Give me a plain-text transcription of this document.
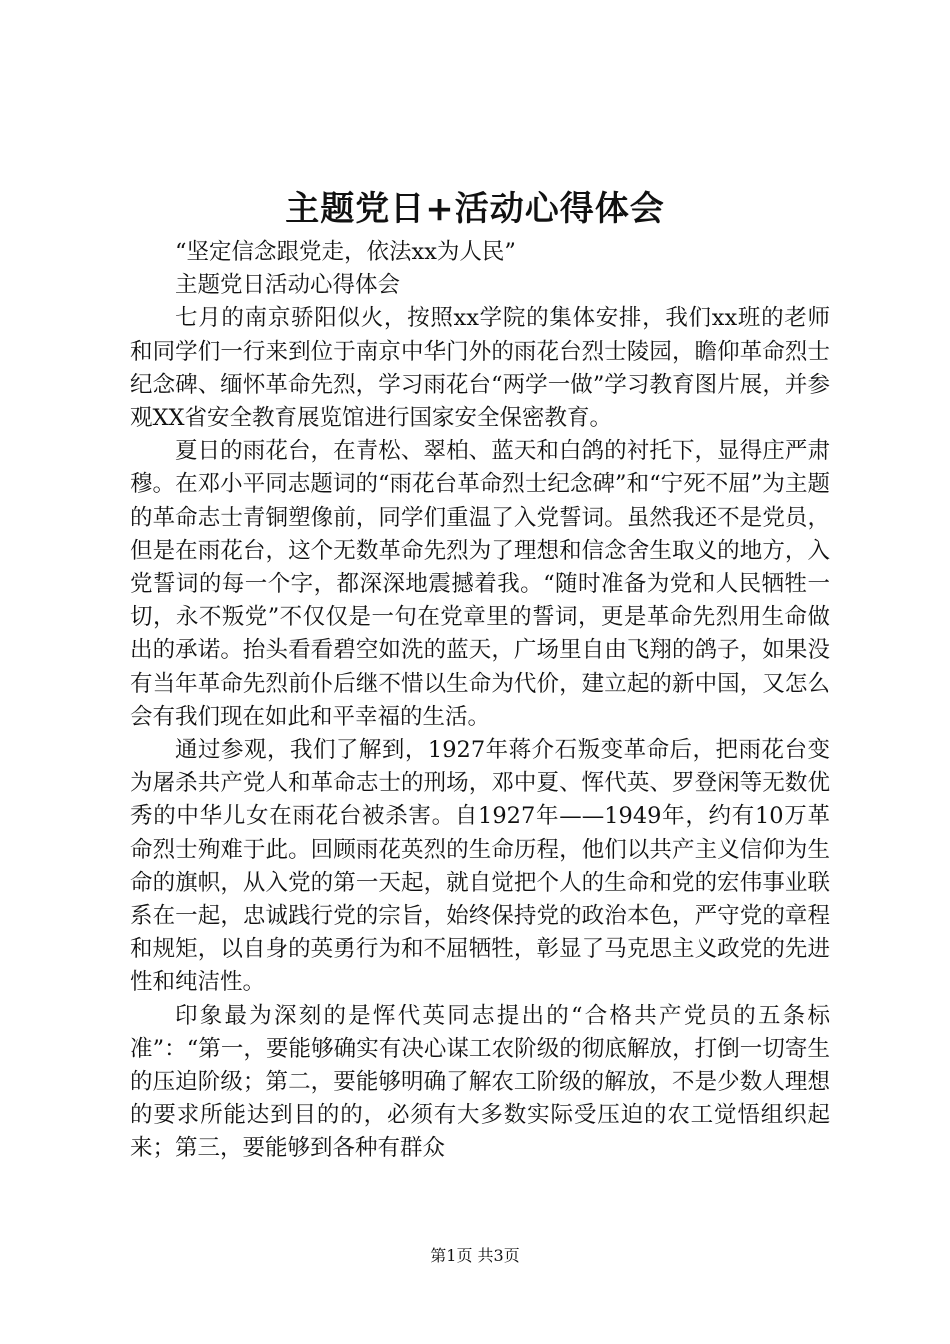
主题党日+活动心得体会

“坚定信念跟党走，依法xx为人民”

主题党日活动心得体会

七月的南京骄阳似火，按照xx学院的集体安排，我们xx班的老师和同学们一行来到位于南京中华门外的雨花台烈士陵园，瞻仰革命烈士纪念碑、缅怀革命先烈，学习雨花台“两学一做”学习教育图片展，并参观XX省安全教育展览馆进行国家安全保密教育。

夏日的雨花台，在青松、翠柏、蓝天和白鸽的衬托下，显得庄严肃穆。在邓小平同志题词的“雨花台革命烈士纪念碑”和“宁死不屈”为主题的革命志士青铜塑像前，同学们重温了入党誓词。虽然我还不是党员，但是在雨花台，这个无数革命先烈为了理想和信念舍生取义的地方，入党誓词的每一个字，都深深地震撼着我。“随时准备为党和人民牺牲一切，永不叛党”不仅仅是一句在党章里的誓词，更是革命先烈用生命做出的承诺。抬头看看碧空如洗的蓝天，广场里自由飞翔的鸽子，如果没有当年革命先烈前仆后继不惜以生命为代价，建立起的新中国，又怎么会有我们现在如此和平幸福的生活。

通过参观，我们了解到，1927年蒋介石叛变革命后，把雨花台变为屠杀共产党人和革命志士的刑场，邓中夏、恽代英、罗登闲等无数优秀的中华儿女在雨花台被杀害。自1927年——1949年，约有10万革命烈士殉难于此。回顾雨花英烈的生命历程，他们以共产主义信仰为生命的旗帜，从入党的第一天起，就自觉把个人的生命和党的宏伟事业联系在一起，忠诚践行党的宗旨，始终保持党的政治本色，严守党的章程和规矩，以自身的英勇行为和不屈牺牲，彰显了马克思主义政党的先进性和纯洁性。

印象最为深刻的是恽代英同志提出的“合格共产党员的五条标准”：“第一，要能够确实有决心谋工农阶级的彻底解放，打倒一切寄生的压迫阶级；第二，要能够明确了解农工阶级的解放，不是少数人理想的要求所能达到目的的，必须有大多数实际受压迫的农工觉悟组织起来；第三，要能够到各种有群众

第1页 共3页
